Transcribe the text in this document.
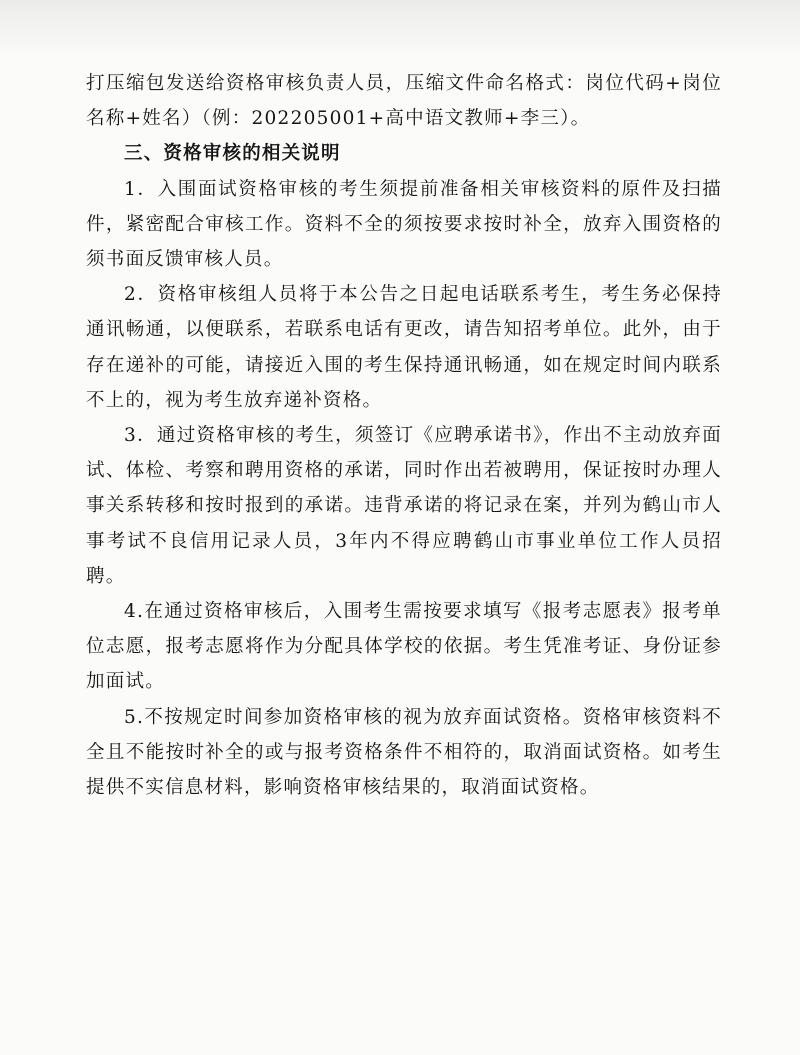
打压缩包发送给资格审核负责人员，压缩文件命名格式：岗位代码+岗位名称+姓名）（例：202205001+高中语文教师+李三）。

三、资格审核的相关说明

1．入围面试资格审核的考生须提前准备相关审核资料的原件及扫描件，紧密配合审核工作。资料不全的须按要求按时补全，放弃入围资格的须书面反馈审核人员。

2．资格审核组人员将于本公告之日起电话联系考生，考生务必保持通讯畅通，以便联系，若联系电话有更改，请告知招考单位。此外，由于存在递补的可能，请接近入围的考生保持通讯畅通，如在规定时间内联系不上的，视为考生放弃递补资格。

3．通过资格审核的考生，须签订《应聘承诺书》，作出不主动放弃面试、体检、考察和聘用资格的承诺，同时作出若被聘用，保证按时办理人事关系转移和按时报到的承诺。违背承诺的将记录在案，并列为鹤山市人事考试不良信用记录人员，3年内不得应聘鹤山市事业单位工作人员招聘。

4.在通过资格审核后，入围考生需按要求填写《报考志愿表》报考单位志愿，报考志愿将作为分配具体学校的依据。考生凭准考证、身份证参加面试。

5.不按规定时间参加资格审核的视为放弃面试资格。资格审核资料不全且不能按时补全的或与报考资格条件不相符的，取消面试资格。如考生提供不实信息材料，影响资格审核结果的，取消面试资格。
